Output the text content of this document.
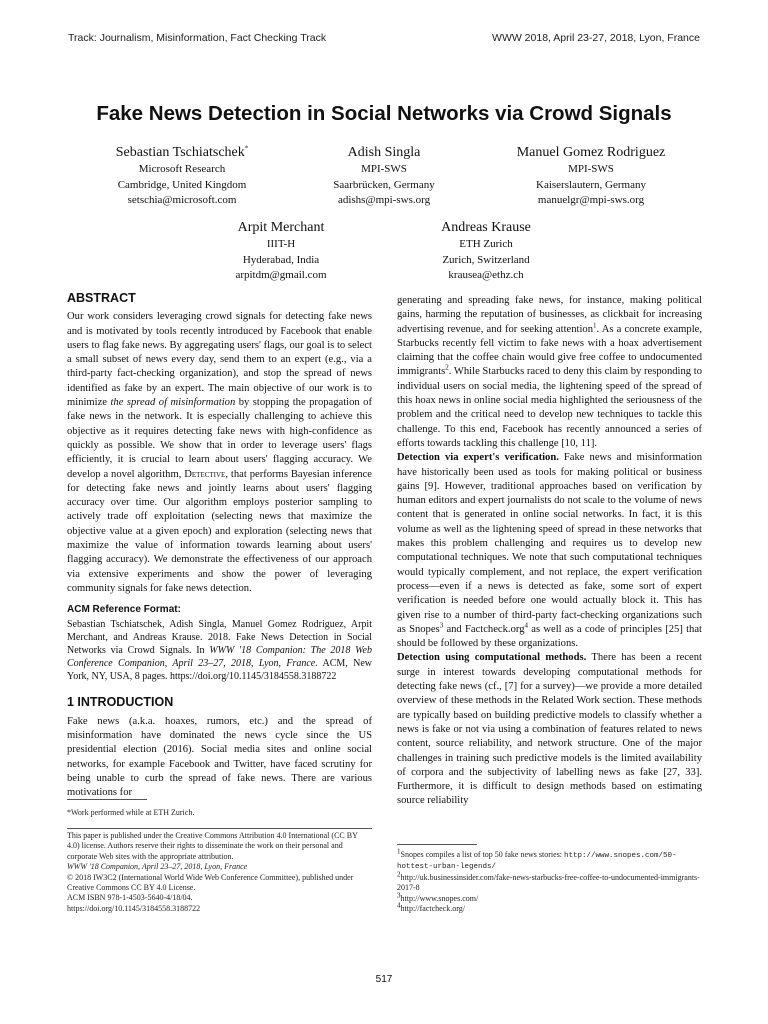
Track: Journalism, Misinformation, Fact Checking Track	WWW 2018, April 23-27, 2018, Lyon, France
Fake News Detection in Social Networks via Crowd Signals
Sebastian Tschiatschek*
Microsoft Research
Cambridge, United Kingdom
setschia@microsoft.com
Adish Singla
MPI-SWS
Saarbrücken, Germany
adishs@mpi-sws.org
Manuel Gomez Rodriguez
MPI-SWS
Kaiserslautern, Germany
manuelgr@mpi-sws.org
Arpit Merchant
IIIT-H
Hyderabad, India
arpitdm@gmail.com
Andreas Krause
ETH Zurich
Zurich, Switzerland
krausea@ethz.ch
ABSTRACT

Our work considers leveraging crowd signals for detecting fake news and is motivated by tools recently introduced by Facebook that enable users to flag fake news. By aggregating users' flags, our goal is to select a small subset of news every day, send them to an expert (e.g., via a third-party fact-checking organization), and stop the spread of news identified as fake by an expert. The main objective of our work is to minimize the spread of misinformation by stopping the propagation of fake news in the network. It is especially challenging to achieve this objective as it requires detecting fake news with high-confidence as quickly as possible. We show that in order to leverage users' flags efficiently, it is crucial to learn about users' flagging accuracy. We develop a novel algorithm, Detective, that performs Bayesian inference for detecting fake news and jointly learns about users' flagging accuracy over time. Our algorithm employs posterior sampling to actively trade off exploitation (selecting news that maximize the objective value at a given epoch) and exploration (selecting news that maximize the value of information towards learning about users' flagging accuracy). We demonstrate the effectiveness of our approach via extensive experiments and show the power of leveraging community signals for fake news detection.

ACM Reference Format:

Sebastian Tschiatschek, Adish Singla, Manuel Gomez Rodriguez, Arpit Merchant, and Andreas Krause. 2018. Fake News Detection in Social Networks via Crowd Signals. In WWW '18 Companion: The 2018 Web Conference Companion, April 23–27, 2018, Lyon, France. ACM, New York, NY, USA, 8 pages. https://doi.org/10.1145/3184558.3188722

1 INTRODUCTION

Fake news (a.k.a. hoaxes, rumors, etc.) and the spread of misinformation have dominated the news cycle since the US presidential election (2016). Social media sites and online social networks, for example Facebook and Twitter, have faced scrutiny for being unable to curb the spread of fake news. There are various motivations for

generating and spreading fake news, for instance, making political gains, harming the reputation of businesses, as clickbait for increasing advertising revenue, and for seeking attention$^1$. As a concrete example, Starbucks recently fell victim to fake news with a hoax advertisement claiming that the coffee chain would give free coffee to undocumented immigrants$^2$. While Starbucks raced to deny this claim by responding to individual users on social media, the lightening speed of the spread of this hoax news in online social media highlighted the seriousness of the problem and the critical need to develop new techniques to tackle this challenge. To this end, Facebook has recently announced a series of efforts towards tackling this challenge [10, 11].

Detection via expert's verification. Fake news and misinformation have historically been used as tools for making political or business gains [9]. However, traditional approaches based on verification by human editors and expert journalists do not scale to the volume of news content that is generated in online social networks. In fact, it is this volume as well as the lightening speed of spread in these networks that makes this problem challenging and requires us to develop new computational techniques. We note that such computational techniques would typically complement, and not replace, the expert verification process—even if a news is detected as fake, some sort of expert verification is needed before one would actually block it. This has given rise to a number of third-party fact-checking organizations such as Snopes$^3$ and Factcheck.org$^4$ as well as a code of principles [25] that should be followed by these organizations.

Detection using computational methods. There has been a recent surge in interest towards developing computational methods for detecting fake news (cf., [7] for a survey)—we provide a more detailed overview of these methods in the Related Work section. These methods are typically based on building predictive models to classify whether a news is fake or not via using a combination of features related to news content, source reliability, and network structure. One of the major challenges in training such predictive models is the limited availability of corpora and the subjectivity of labelling news as fake [27, 33]. Furthermore, it is difficult to design methods based on estimating source reliability

*Work performed while at ETH Zurich.
This paper is published under the Creative Commons Attribution 4.0 International (CC BY 4.0) license. Authors reserve their rights to disseminate the work on their personal and corporate Web sites with the appropriate attribution.
WWW '18 Companion, April 23–27, 2018, Lyon, France
© 2018 IW3C2 (International World Wide Web Conference Committee), published under Creative Commons CC BY 4.0 License.
ACM ISBN 978-1-4503-5640-4/18/04.
https://doi.org/10.1145/3184558.3188722
$^1$Snopes compiles a list of top 50 fake news stories: http://www.snopes.com/50-hottest-urban-legends/
$^2$http://uk.businessinsider.com/fake-news-starbucks-free-coffee-to-undocumented-immigrants-2017-8
$^3$http://www.snopes.com/
$^4$http://factcheck.org/
517
